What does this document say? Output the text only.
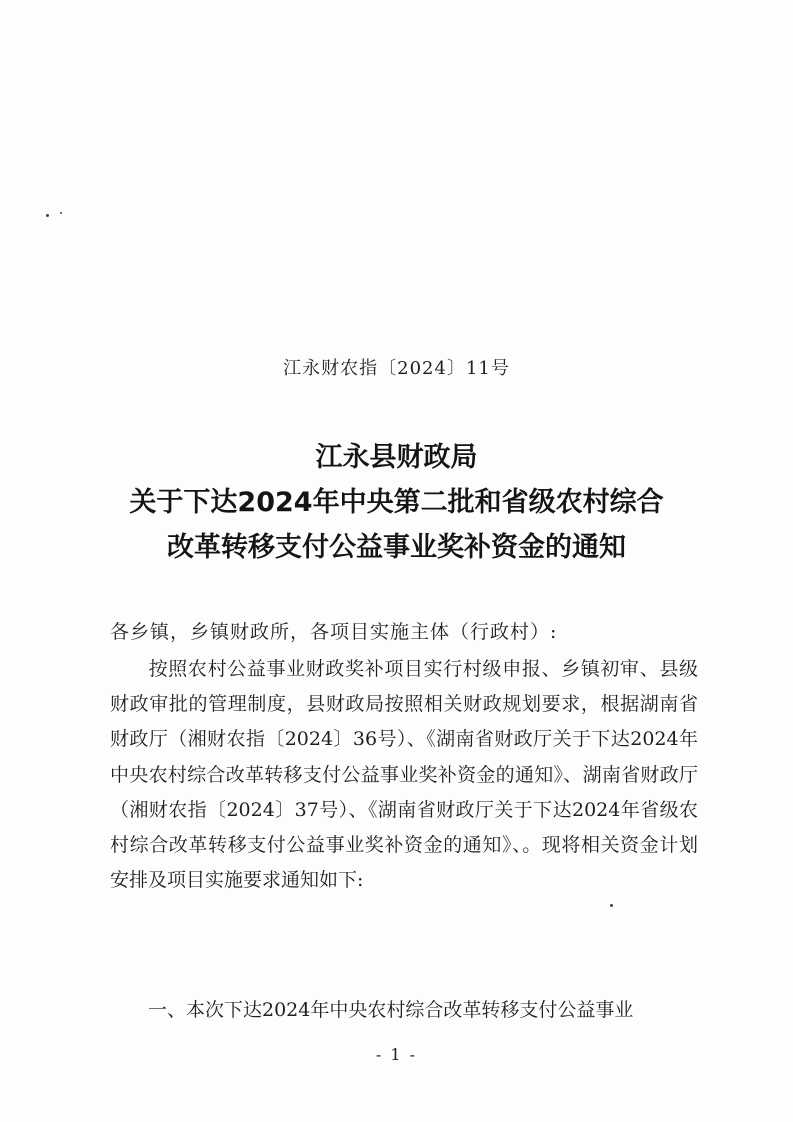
江永财农指〔2024〕11号
江永县财政局
关于下达2024年中央第二批和省级农村综合
改革转移支付公益事业奖补资金的通知
各乡镇，乡镇财政所，各项目实施主体（行政村）:
按照农村公益事业财政奖补项目实行村级申报、乡镇初审、县级财政审批的管理制度，县财政局按照相关财政规划要求，根据湖南省财政厅（湘财农指〔2024〕36号）、《湖南省财政厅关于下达2024年中央农村综合改革转移支付公益事业奖补资金的通知》、湖南省财政厅（湘财农指〔2024〕37号）、《湖南省财政厅关于下达2024年省级农村综合改革转移支付公益事业奖补资金的通知》、。现将相关资金计划安排及项目实施要求通知如下:
一、本次下达2024年中央农村综合改革转移支付公益事业
- 1 -
